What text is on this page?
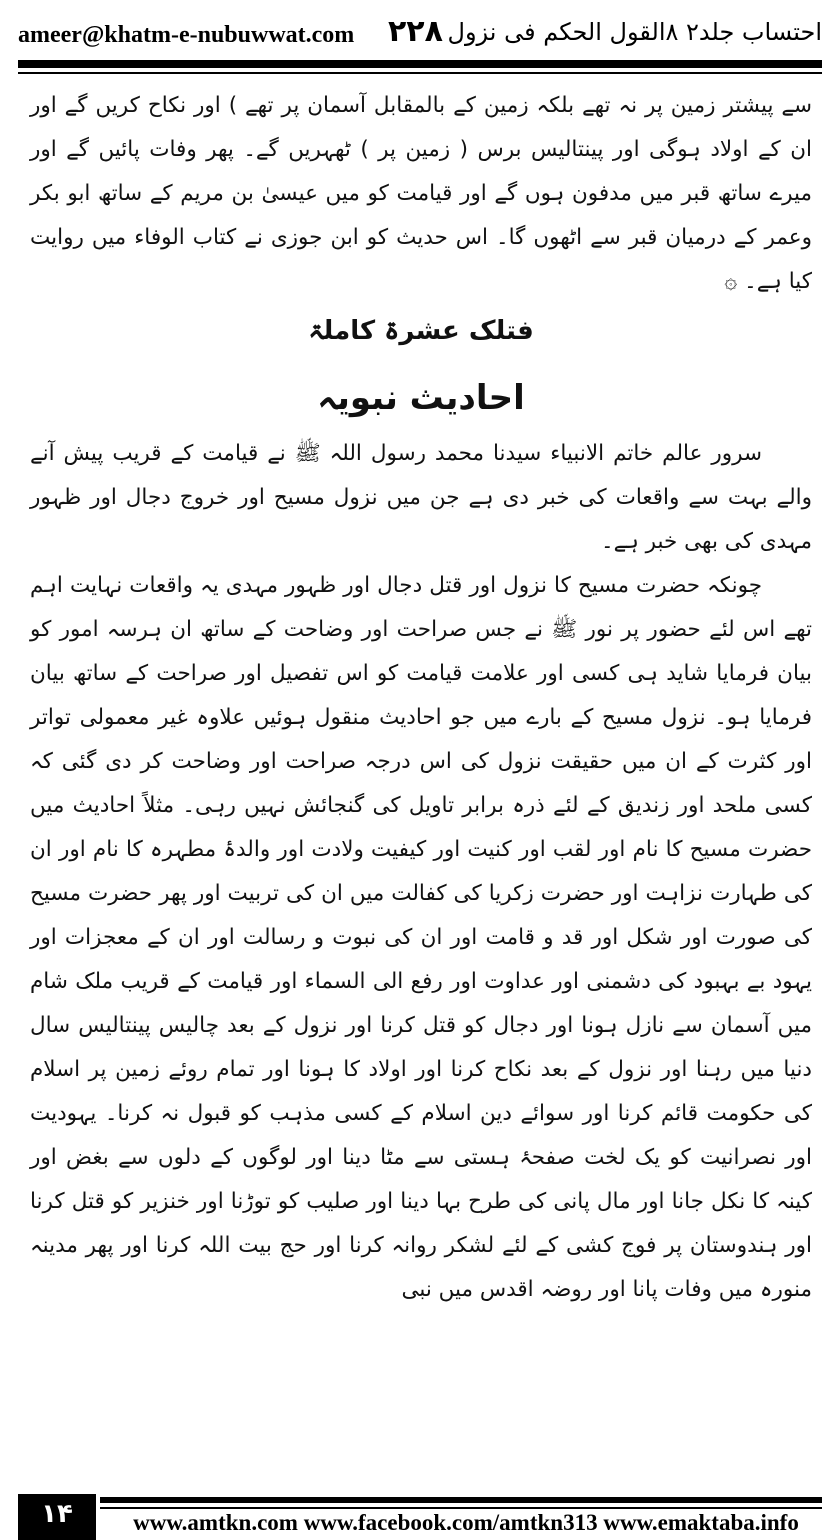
ameer@khatm-e-nubuwwat.com ۲۲۸ احتساب جلد۲ ۸القول الحکم فی نزول

سے پیشتر زمین پر نہ تھے بلکہ زمین کے بالمقابل آسمان پر تھے ) اور نکاح کریں گے اور ان کے اولاد ہوگی اور پینتالیس برس ( زمین پر ) ٹھہریں گے۔ پھر وفات پائیں گے اور میرے ساتھ قبر میں مدفون ہوں گے اور قیامت کو میں عیسیٰ بن مریم کے ساتھ ابو بکر وعمر کے درمیان قبر سے اٹھوں گا۔ اس حدیث کو ابن جوزی نے کتاب الوفاء میں روایت کیا ہے۔ ۞

فتلک عشرۃ کاملۃ
احادیث نبویہ

سرور عالم خاتم الانبیاء سیدنا محمد رسول اللہ ﷺ نے قیامت کے قریب پیش آنے والے بہت سے واقعات کی خبر دی ہے جن میں نزول مسیح اور خروج دجال اور ظہور مہدی کی بھی خبر ہے۔

چونکہ حضرت مسیح کا نزول اور قتل دجال اور ظہور مہدی یہ واقعات نہایت اہم تھے اس لئے حضور پر نور ﷺ نے جس صراحت اور وضاحت کے ساتھ ان ہرسہ امور کو بیان فرمایا شاید ہی کسی اور علامت قیامت کو اس تفصیل اور صراحت کے ساتھ بیان فرمایا ہو۔ نزول مسیح کے بارے میں جو احادیث منقول ہوئیں علاوہ غیر معمولی تواتر اور کثرت کے ان میں حقیقت نزول کی اس درجہ صراحت اور وضاحت کر دی گئی کہ کسی ملحد اور زندیق کے لئے ذرہ برابر تاویل کی گنجائش نہیں رہی۔ مثلاً احادیث میں حضرت مسیح کا نام اور لقب اور کنیت اور کیفیت ولادت اور والدۂ مطہرہ کا نام اور ان کی طہارت نزاہت اور حضرت زکریا کی کفالت میں ان کی تربیت اور پھر حضرت مسیح کی صورت اور شکل اور قد و قامت اور ان کی نبوت و رسالت اور ان کے معجزات اور یہود بے بہبود کی دشمنی اور عداوت اور رفع الی السماء اور قیامت کے قریب ملک شام میں آسمان سے نازل ہونا اور دجال کو قتل کرنا اور نزول کے بعد چالیس پینتالیس سال دنیا میں رہنا اور نزول کے بعد نکاح کرنا اور اولاد کا ہونا اور تمام روئے زمین پر اسلام کی حکومت قائم کرنا اور سوائے دین اسلام کے کسی مذہب کو قبول نہ کرنا۔ یہودیت اور نصرانیت کو یک لخت صفحۂ ہستی سے مٹا دینا اور لوگوں کے دلوں سے بغض اور کینہ کا نکل جانا اور مال پانی کی طرح بہا دینا اور صلیب کو توڑنا اور خنزیر کو قتل کرنا اور ہندوستان پر فوج کشی کے لئے لشکر روانہ کرنا اور حج بیت اللہ کرنا اور پھر مدینہ منورہ میں وفات پانا اور روضہ اقدس میں نبی

۱۴	www.amtkn.com www.facebook.com/amtkn313 www.emaktaba.info
